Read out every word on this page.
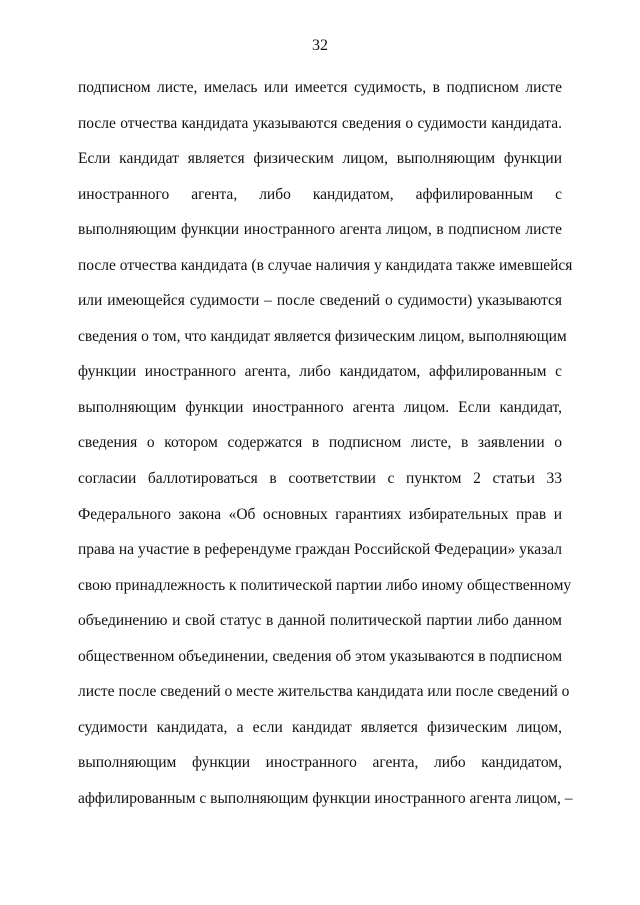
32
подписном листе, имелась или имеется судимость, в подписном листе
после отчества кандидата указываются сведения о судимости кандидата.
Если кандидат является физическим лицом, выполняющим функции
иностранного агента, либо кандидатом, аффилированным с
выполняющим функции иностранного агента лицом, в подписном листе
после отчества кандидата (в случае наличия у кандидата также имевшейся
или имеющейся судимости – после сведений о судимости) указываются
сведения о том, что кандидат является физическим лицом, выполняющим
функции иностранного агента, либо кандидатом, аффилированным с
выполняющим функции иностранного агента лицом. Если кандидат,
сведения о котором содержатся в подписном листе, в заявлении о
согласии баллотироваться в соответствии с пунктом 2 статьи 33
Федерального закона «Об основных гарантиях избирательных прав и
права на участие в референдуме граждан Российской Федерации» указал
свою принадлежность к политической партии либо иному общественному
объединению и свой статус в данной политической партии либо данном
общественном объединении, сведения об этом указываются в подписном
листе после сведений о месте жительства кандидата или после сведений о
судимости кандидата, а если кандидат является физическим лицом,
выполняющим функции иностранного агента, либо кандидатом,
аффилированным с выполняющим функции иностранного агента лицом, –
